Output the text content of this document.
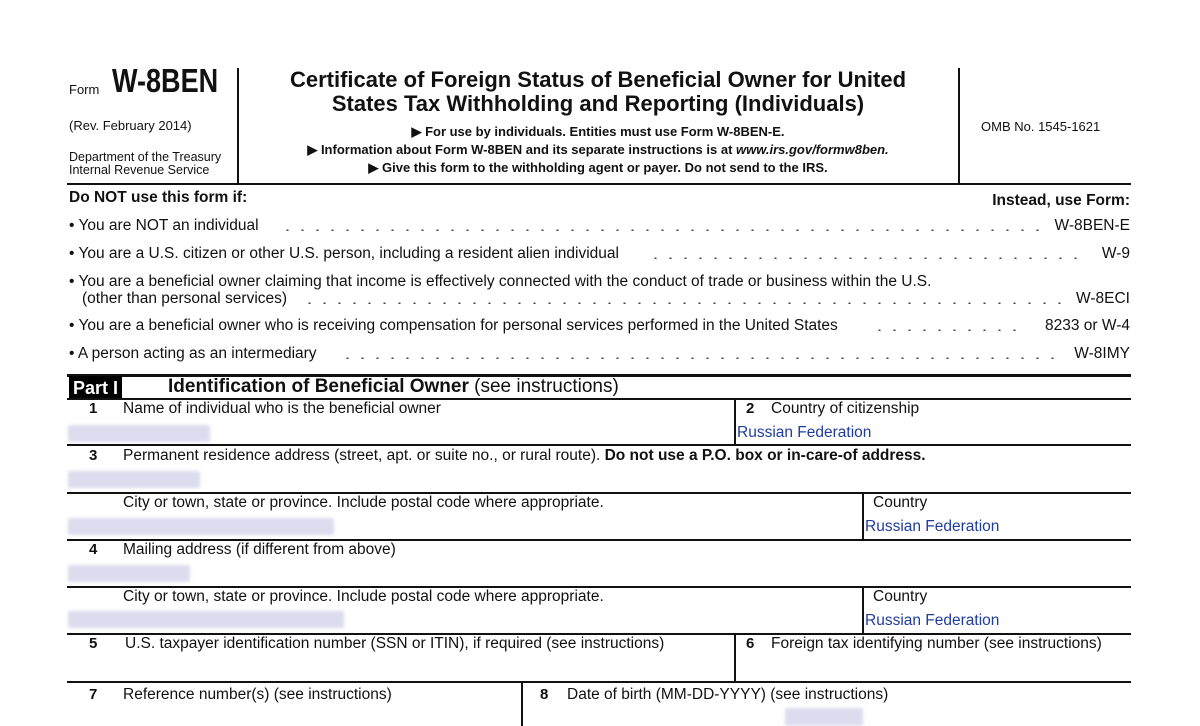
Form W-8BEN
(Rev. February 2014)
Department of the Treasury
Internal Revenue Service
Certificate of Foreign Status of Beneficial Owner for United
States Tax Withholding and Reporting (Individuals)
▶ For use by individuals. Entities must use Form W-8BEN-E.
▶ Information about Form W-8BEN and its separate instructions is at www.irs.gov/formw8ben.
▶ Give this form to the withholding agent or payer. Do not send to the IRS.
OMB No. 1545-1621
Do NOT use this form if:	Instead, use Form:
• You are NOT an individual	W-8BEN-E
• You are a U.S. citizen or other U.S. person, including a resident alien individual	W-9
• You are a beneficial owner claiming that income is effectively connected with the conduct of trade or business within the U.S.
(other than personal services)	W-8ECI
• You are a beneficial owner who is receiving compensation for personal services performed in the United States	8233 or W-4
• A person acting as an intermediary	W-8IMY
Part I	Identification of Beneficial Owner (see instructions)
1 Name of individual who is the beneficial owner	2 Country of citizenship
Russian Federation
3 Permanent residence address (street, apt. or suite no., or rural route). Do not use a P.O. box or in-care-of address.
City or town, state or province. Include postal code where appropriate.	Country
Russian Federation
4 Mailing address (if different from above)
City or town, state or province. Include postal code where appropriate.	Country
Russian Federation
5 U.S. taxpayer identification number (SSN or ITIN), if required (see instructions)	6 Foreign tax identifying number (see instructions)
7 Reference number(s) (see instructions)	8 Date of birth (MM-DD-YYYY) (see instructions)
